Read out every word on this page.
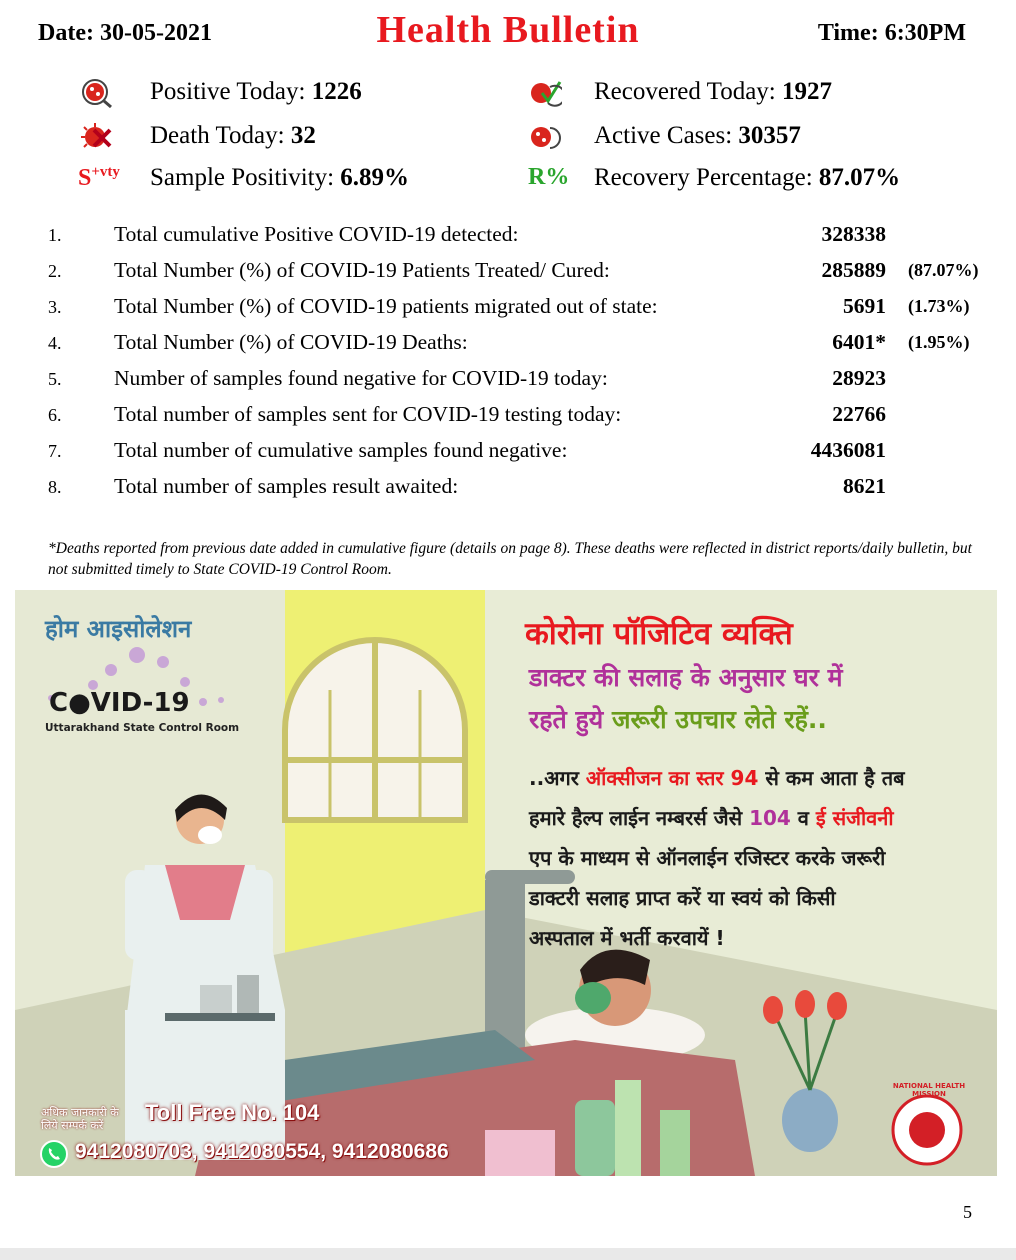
Date: 30-05-2021	Health Bulletin	Time: 6:30PM
Positive Today: 1226
Death Today: 32
$S^{+vty}$ Sample Positivity: 6.89%
Recovered Today: 1927
Active Cases: 30357
R% Recovery Percentage: 87.07%
1. Total cumulative Positive COVID-19 detected:	328338
2. Total Number (%) of COVID-19 Patients Treated/ Cured:	285889 (87.07%)
3. Total Number (%) of COVID-19 patients migrated out of state:	5691 (1.73%)
4. Total Number (%) of COVID-19 Deaths:	6401* (1.95%)
5. Number of samples found negative for COVID-19 today:	28923
6. Total number of samples sent for COVID-19 testing today:	22766
7. Total number of cumulative samples found negative:	4436081
8. Total number of samples result awaited:	8621
*Deaths reported from previous date added in cumulative figure (details on page 8). These deaths were reflected in district reports/daily bulletin, but not submitted timely to State COVID-19 Control Room.
होम आइसोलेशन
C●VID-19
Uttarakhand State Control Room
कोरोना पॉजिटिव व्यक्ति
डाक्टर की सलाह के अनुसार घर में
रहते हुये जरूरी उपचार लेते रहें..
..अगर ऑक्सीजन का स्तर 94 से कम आता है तब
हमारे हैल्प लाईन नम्बरर्स जैसे 104 व ई संजीवनी
एप के माध्यम से ऑनलाईन रजिस्टर करके जरूरी
डाक्टरी सलाह प्राप्त करें या स्वयं को किसी
अस्पताल में भर्ती करवायें !
अधिक जानकारी के
लिये सम्पर्क करें
Toll Free No. 104
9412080703, 9412080554, 9412080686
NATIONAL HEALTH MISSION
5
